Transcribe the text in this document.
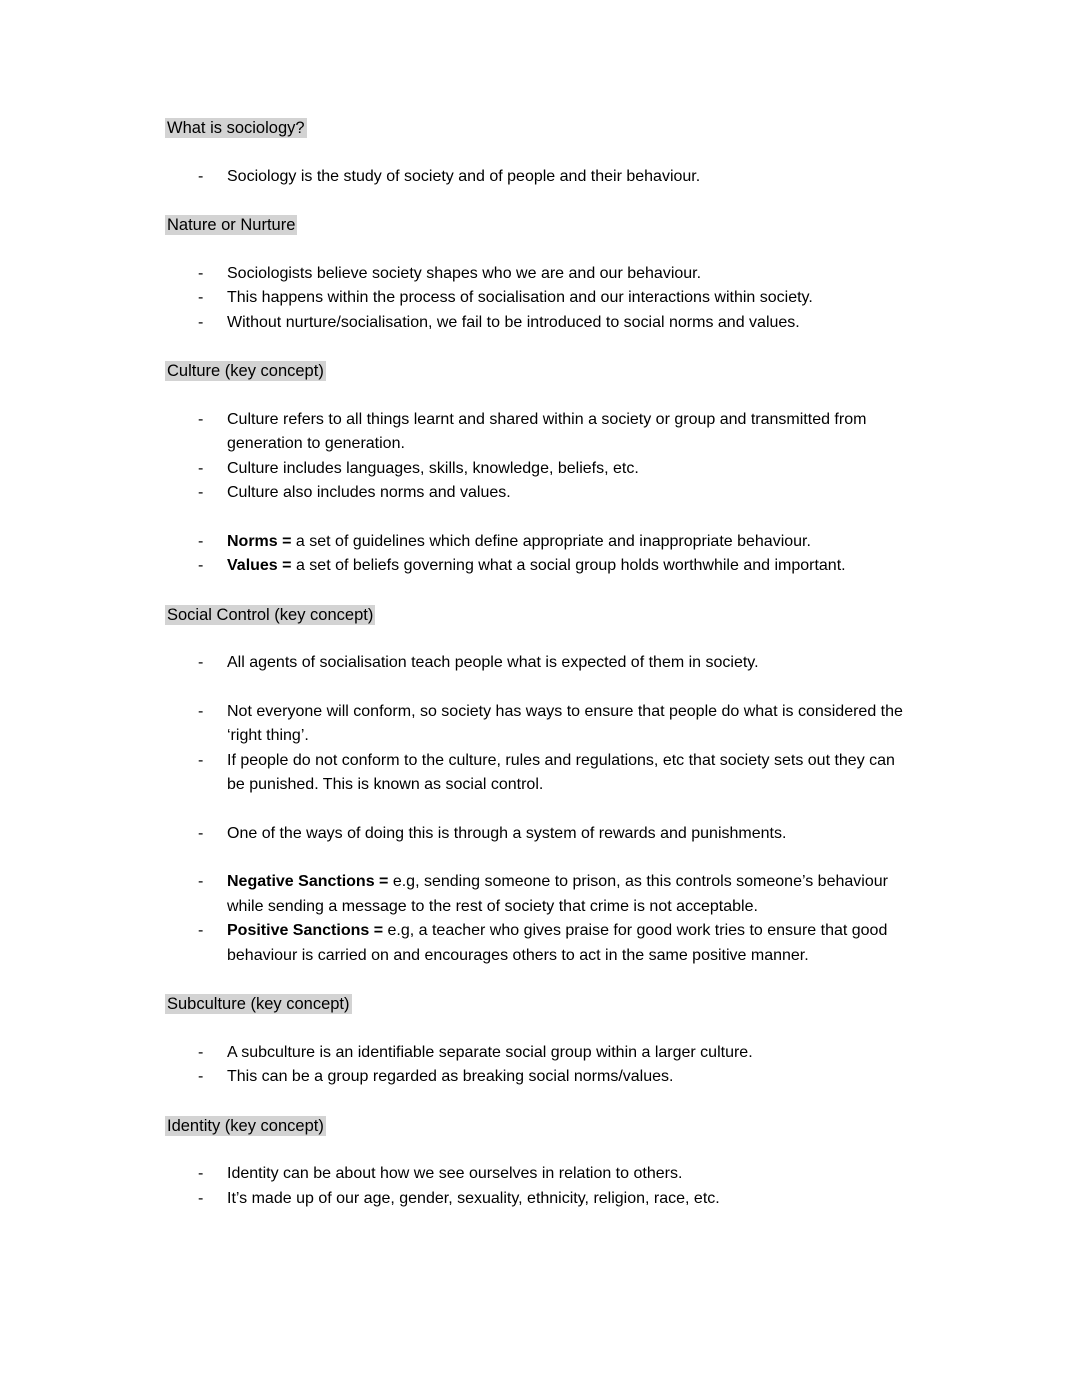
What is sociology?
-	Sociology is the study of society and of people and their behaviour.
Nature or Nurture
-	Sociologists believe society shapes who we are and our behaviour.
-	This happens within the process of socialisation and our interactions within society.
-	Without nurture/socialisation, we fail to be introduced to social norms and values.
Culture (key concept)
-	Culture refers to all things learnt and shared within a society or group and transmitted from generation to generation.
-	Culture includes languages, skills, knowledge, beliefs, etc.
-	Culture also includes norms and values.
-	Norms = a set of guidelines which define appropriate and inappropriate behaviour.
-	Values = a set of beliefs governing what a social group holds worthwhile and important.
Social Control (key concept)
-	All agents of socialisation teach people what is expected of them in society.
-	Not everyone will conform, so society has ways to ensure that people do what is considered the ‘right thing’.
-	If people do not conform to the culture, rules and regulations, etc that society sets out they can be punished. This is known as social control.
-	One of the ways of doing this is through a system of rewards and punishments.
-	Negative Sanctions = e.g, sending someone to prison, as this controls someone’s behaviour while sending a message to the rest of society that crime is not acceptable.
-	Positive Sanctions = e.g, a teacher who gives praise for good work tries to ensure that good behaviour is carried on and encourages others to act in the same positive manner.
Subculture (key concept)
-	A subculture is an identifiable separate social group within a larger culture.
-	This can be a group regarded as breaking social norms/values.
Identity (key concept)
-	Identity can be about how we see ourselves in relation to others.
-	It’s made up of our age, gender, sexuality, ethnicity, religion, race, etc.
